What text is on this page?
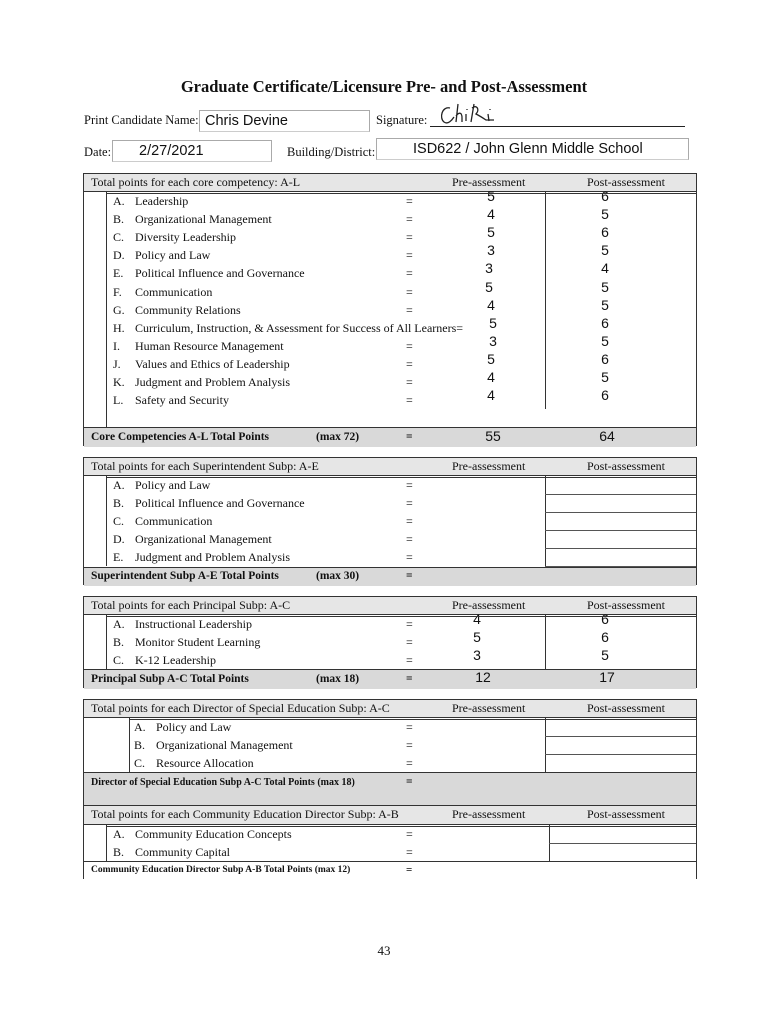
Graduate Certificate/Licensure Pre- and Post-Assessment
Print Candidate Name: Chris Devine	Signature:
Date:	2/27/2021	Building/District:	ISD622 / John Glenn Middle School
Total points for each core competency: A-L	Pre-assessment	Post-assessment
A. Leadership	=	5	6
B. Organizational Management	=	4	5
C. Diversity Leadership	=	5	6
D. Policy and Law	=	3	5
E. Political Influence and Governance	=	3	4
F. Communication	=	5	5
G. Community Relations	=	4	5
H. Curriculum, Instruction, & Assessment for Success of All Learners=	5	6
I. Human Resource Management	=	3	5
J. Values and Ethics of Leadership	=	5	6
K. Judgment and Problem Analysis	=	4	5
L. Safety and Security	=	4	6
Core Competencies A-L Total Points	(max 72)	=	55	64
Total points for each Superintendent Subp: A-E	Pre-assessment	Post-assessment
A. Policy and Law	=
B. Political Influence and Governance	=
C. Communication	=
D. Organizational Management	=
E. Judgment and Problem Analysis	=
Superintendent Subp A-E Total Points	(max 30)	=
Total points for each Principal Subp: A-C	Pre-assessment	Post-assessment
A. Instructional Leadership	=	4	6
B. Monitor Student Learning	=	5	6
C. K-12 Leadership	=	3	5
Principal Subp A-C Total Points	(max 18)	=	12	17
Total points for each Director of Special Education Subp: A-C	Pre-assessment	Post-assessment
A. Policy and Law	=
B. Organizational Management	=
C. Resource Allocation	=
Director of Special Education Subp A-C Total Points (max 18)	=
Total points for each Community Education Director Subp: A-B	Pre-assessment	Post-assessment
A. Community Education Concepts	=
B. Community Capital	=
Community Education Director Subp A-B Total Points (max 12)	=
43
